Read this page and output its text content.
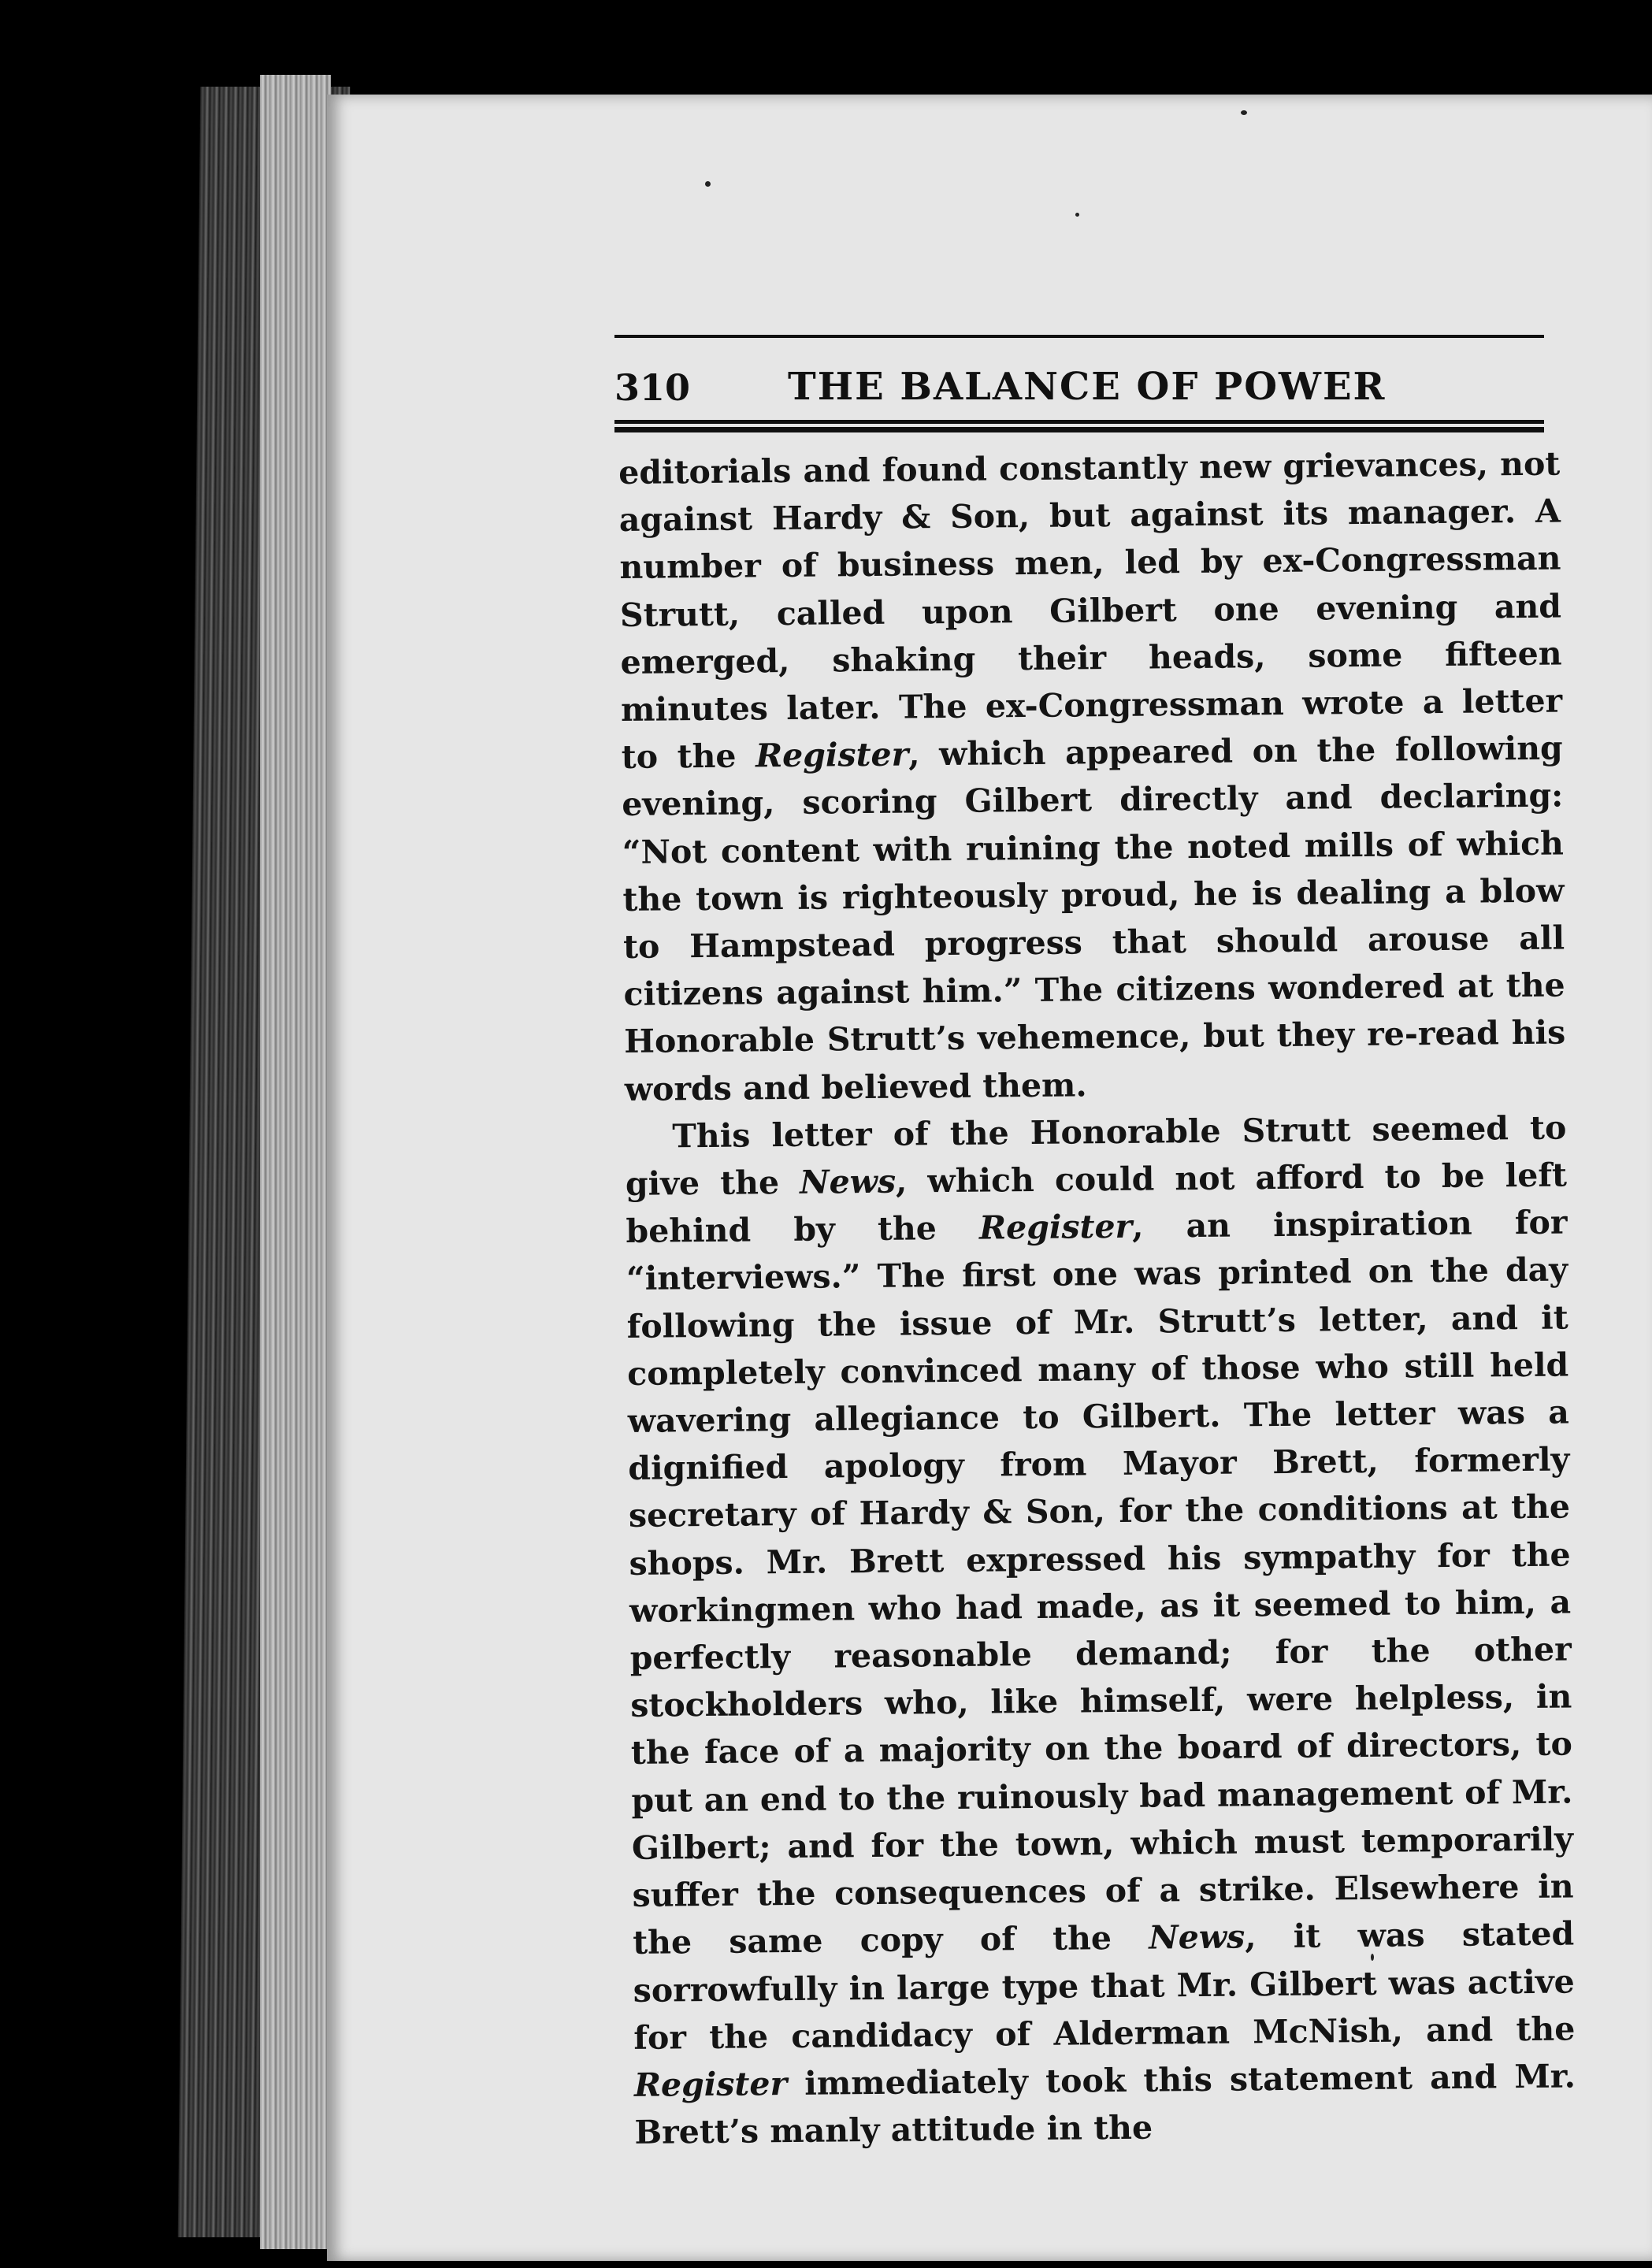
310	THE BALANCE OF POWER

editorials and found constantly new grievances, not against Hardy & Son, but against its manager. A number of business men, led by ex-Congressman Strutt, called upon Gilbert one evening and emerged, shaking their heads, some fifteen minutes later. The ex-Congressman wrote a letter to the Register, which appeared on the following evening, scoring Gilbert directly and declaring: “Not content with ruining the noted mills of which the town is righteously proud, he is dealing a blow to Hampstead progress that should arouse all citizens against him.” The citizens wondered at the Honorable Strutt’s vehemence, but they re-read his words and believed them.

This letter of the Honorable Strutt seemed to give the News, which could not afford to be left behind by the Register, an inspiration for “interviews.” The first one was printed on the day following the issue of Mr. Strutt’s letter, and it completely convinced many of those who still held wavering allegiance to Gilbert. The letter was a dignified apology from Mayor Brett, formerly secretary of Hardy & Son, for the conditions at the shops. Mr. Brett expressed his sympathy for the workingmen who had made, as it seemed to him, a perfectly reasonable demand; for the other stockholders who, like himself, were helpless, in the face of a majority on the board of directors, to put an end to the ruinously bad management of Mr. Gilbert; and for the town, which must temporarily suffer the consequences of a strike. Elsewhere in the same copy of the News, it was stated sorrowfully in large type that Mr. Gilbert was active for the candidacy of Alderman McNish, and the Register immediately took this statement and Mr. Brett’s manly attitude in the
